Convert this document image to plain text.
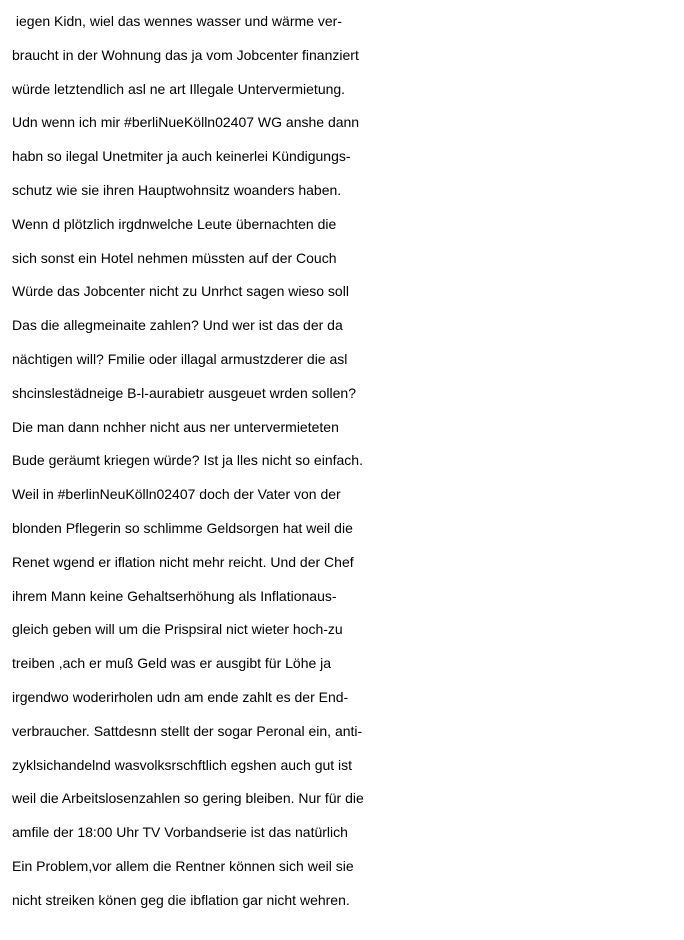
iegen Kidn, wiel das wennes wasser und wärme ver-
braucht in der Wohnung das ja vom Jobcenter finanziert
würde letztendlich asl ne art Illegale Untervermietung.
Udn wenn ich mir #berliNueKölln02407 WG anshe dann
habn so ilegal Unetmiter ja auch keinerlei Kündigungs-
schutz wie sie ihren Hauptwohnsitz woanders haben.
Wenn d plötzlich irgdnwelche Leute übernachten die
sich sonst ein Hotel nehmen müssten auf der Couch
Würde das Jobcenter nicht zu Unrhct sagen wieso soll
Das die allegmeinaite zahlen? Und wer ist das der da
nächtigen will? Fmilie oder illagal armustzderer die asl
shcinslestädneige B-l-aurabietr ausgeuet wrden sollen?
Die man dann nchher nicht aus ner untervermieteten
Bude geräumt kriegen würde? Ist ja lles nicht so einfach.
Weil in #berlinNeuKölln02407 doch der Vater von der
blonden Pflegerin so schlimme Geldsorgen hat weil die
Renet wgend er iflation nicht mehr reicht. Und der Chef
ihrem Mann keine Gehaltserhöhung als Inflationaus-
gleich geben will um die Prispsiral nict wieter hoch-zu
treiben ,ach er muß Geld was er ausgibt für Löhe ja
irgendwo woderirholen udn am ende zahlt es der End-
verbraucher. Sattdesnn stellt der sogar Peronal ein, anti-
zyklsichandelnd wasvolksrschftlich egshen auch gut ist
weil die Arbeitslosenzahlen so gering bleiben. Nur für die
amfile der 18:00 Uhr TV Vorbandserie ist das natürlich
Ein Problem,vor allem die Rentner können sich weil sie
nicht streiken könen geg die ibflation gar nicht wehren.
